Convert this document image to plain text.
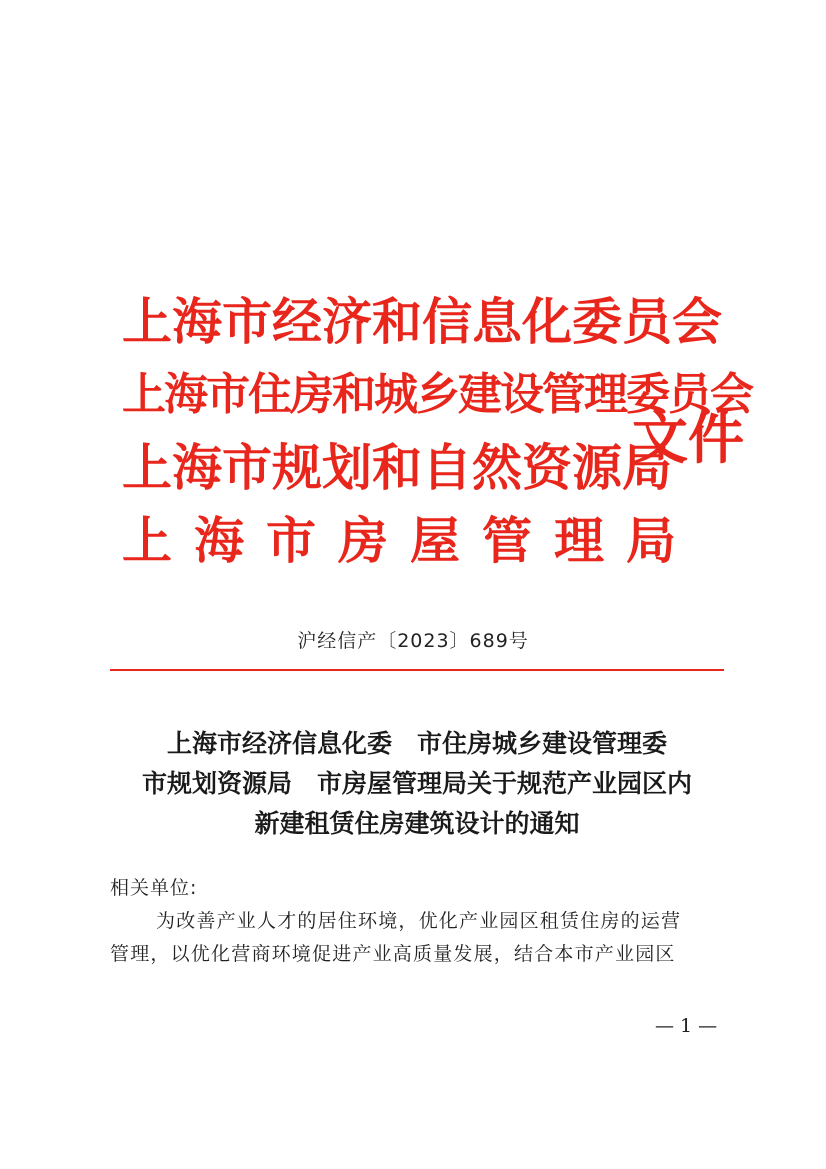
上海市经济和信息化委员会
上海市住房和城乡建设管理委员会
上海市规划和自然资源局
上海市房屋管理局
文件
沪经信产〔2023〕689号
上海市经济信息化委　市住房城乡建设管理委
市规划资源局　市房屋管理局关于规范产业园区内
新建租赁住房建筑设计的通知
相关单位:
为改善产业人才的居住环境，优化产业园区租赁住房的运营
管理，以优化营商环境促进产业高质量发展，结合本市产业园区
— 1 —
